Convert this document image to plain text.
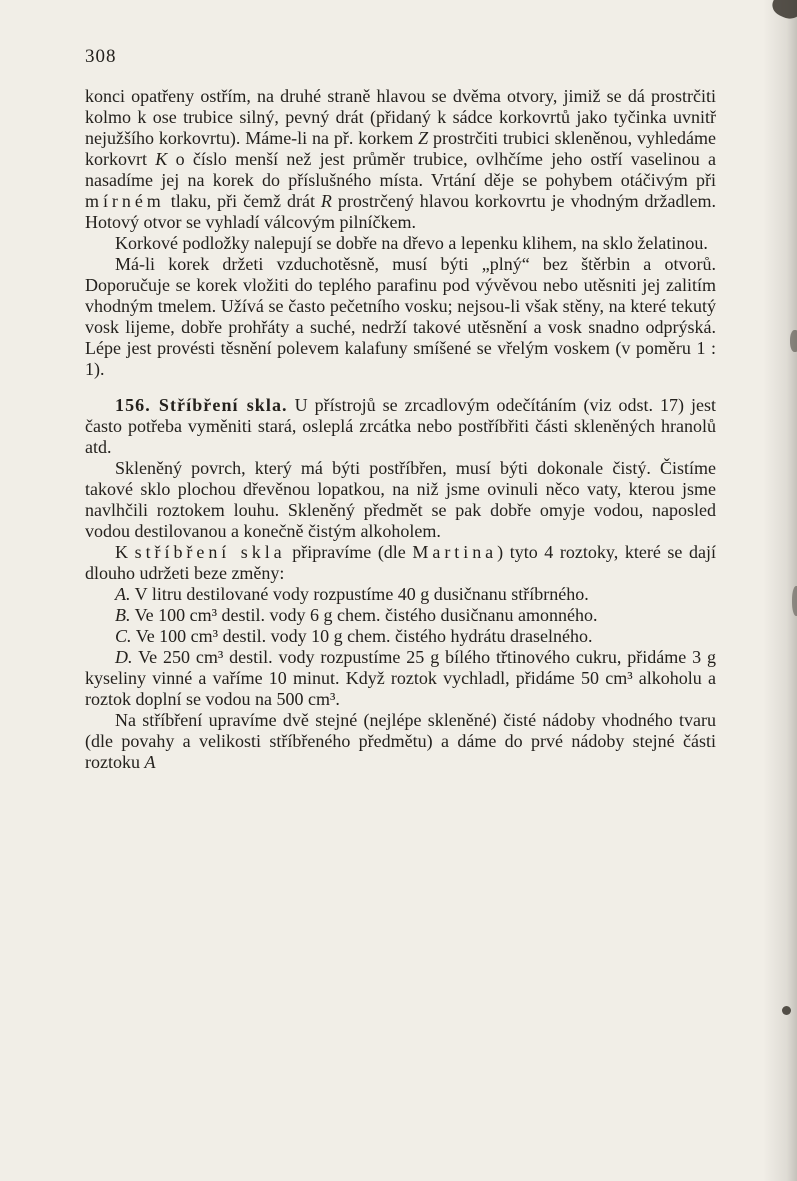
308

konci opatřeny ostřím, na druhé straně hlavou se dvěma otvory, jimiž se dá prostrčiti kolmo k ose trubice silný, pevný drát (přidaný k sádce korkovrtů jako tyčinka uvnitř nejužšího korkovrtu). Máme-li na př. korkem Z prostrčiti trubici skleněnou, vyhledáme korkovrt K o číslo menší než jest průměr trubice, ovlhčíme jeho ostří vaselinou a nasadíme jej na korek do příslušného místa. Vrtání děje se pohybem otáčivým při mírném tlaku, při čemž drát R prostrčený hlavou korkovrtu je vhodným držadlem. Hotový otvor se vyhladí válcovým pilníčkem.

Korkové podložky nalepují se dobře na dřevo a lepenku klihem, na sklo želatinou.

Má-li korek držeti vzduchotěsně, musí býti „plný“ bez štěrbin a otvorů. Doporučuje se korek vložiti do teplého parafinu pod vývěvou nebo utěsniti jej zalitím vhodným tmelem. Užívá se často pečetního vosku; nejsou-li však stěny, na které tekutý vosk lijeme, dobře prohřáty a suché, nedrží takové utěsnění a vosk snadno odprýská. Lépe jest provésti těsnění polevem kalafuny smíšené se vřelým voskem (v poměru 1 : 1).

156. Stříbření skla. U přístrojů se zrcadlovým odečítáním (viz odst. 17) jest často potřeba vyměniti stará, osleplá zrcátka nebo postříbřiti části skleněných hranolů atd.

Skleněný povrch, který má býti postříbřen, musí býti dokonale čistý. Čistíme takové sklo plochou dřevěnou lopatkou, na niž jsme ovinuli něco vaty, kterou jsme navlhčili roztokem louhu. Skleněný předmět se pak dobře omyje vodou, naposled vodou destilovanou a konečně čistým alkoholem.

K stříbření skla připravíme (dle Martina) tyto 4 roztoky, které se dají dlouho udržeti beze změny:

A. V litru destilované vody rozpustíme 40 g dusičnanu stříbrného.

B. Ve 100 cm³ destil. vody 6 g chem. čistého dusičnanu amonného.

C. Ve 100 cm³ destil. vody 10 g chem. čistého hydrátu draselného.

D. Ve 250 cm³ destil. vody rozpustíme 25 g bílého třtinového cukru, přidáme 3 g kyseliny vinné a vaříme 10 minut. Když roztok vychladl, přidáme 50 cm³ alkoholu a roztok doplní se vodou na 500 cm³.

Na stříbření upravíme dvě stejné (nejlépe skleněné) čisté nádoby vhodného tvaru (dle povahy a velikosti stříbřeného předmětu) a dáme do prvé nádoby stejné části roztoku A
